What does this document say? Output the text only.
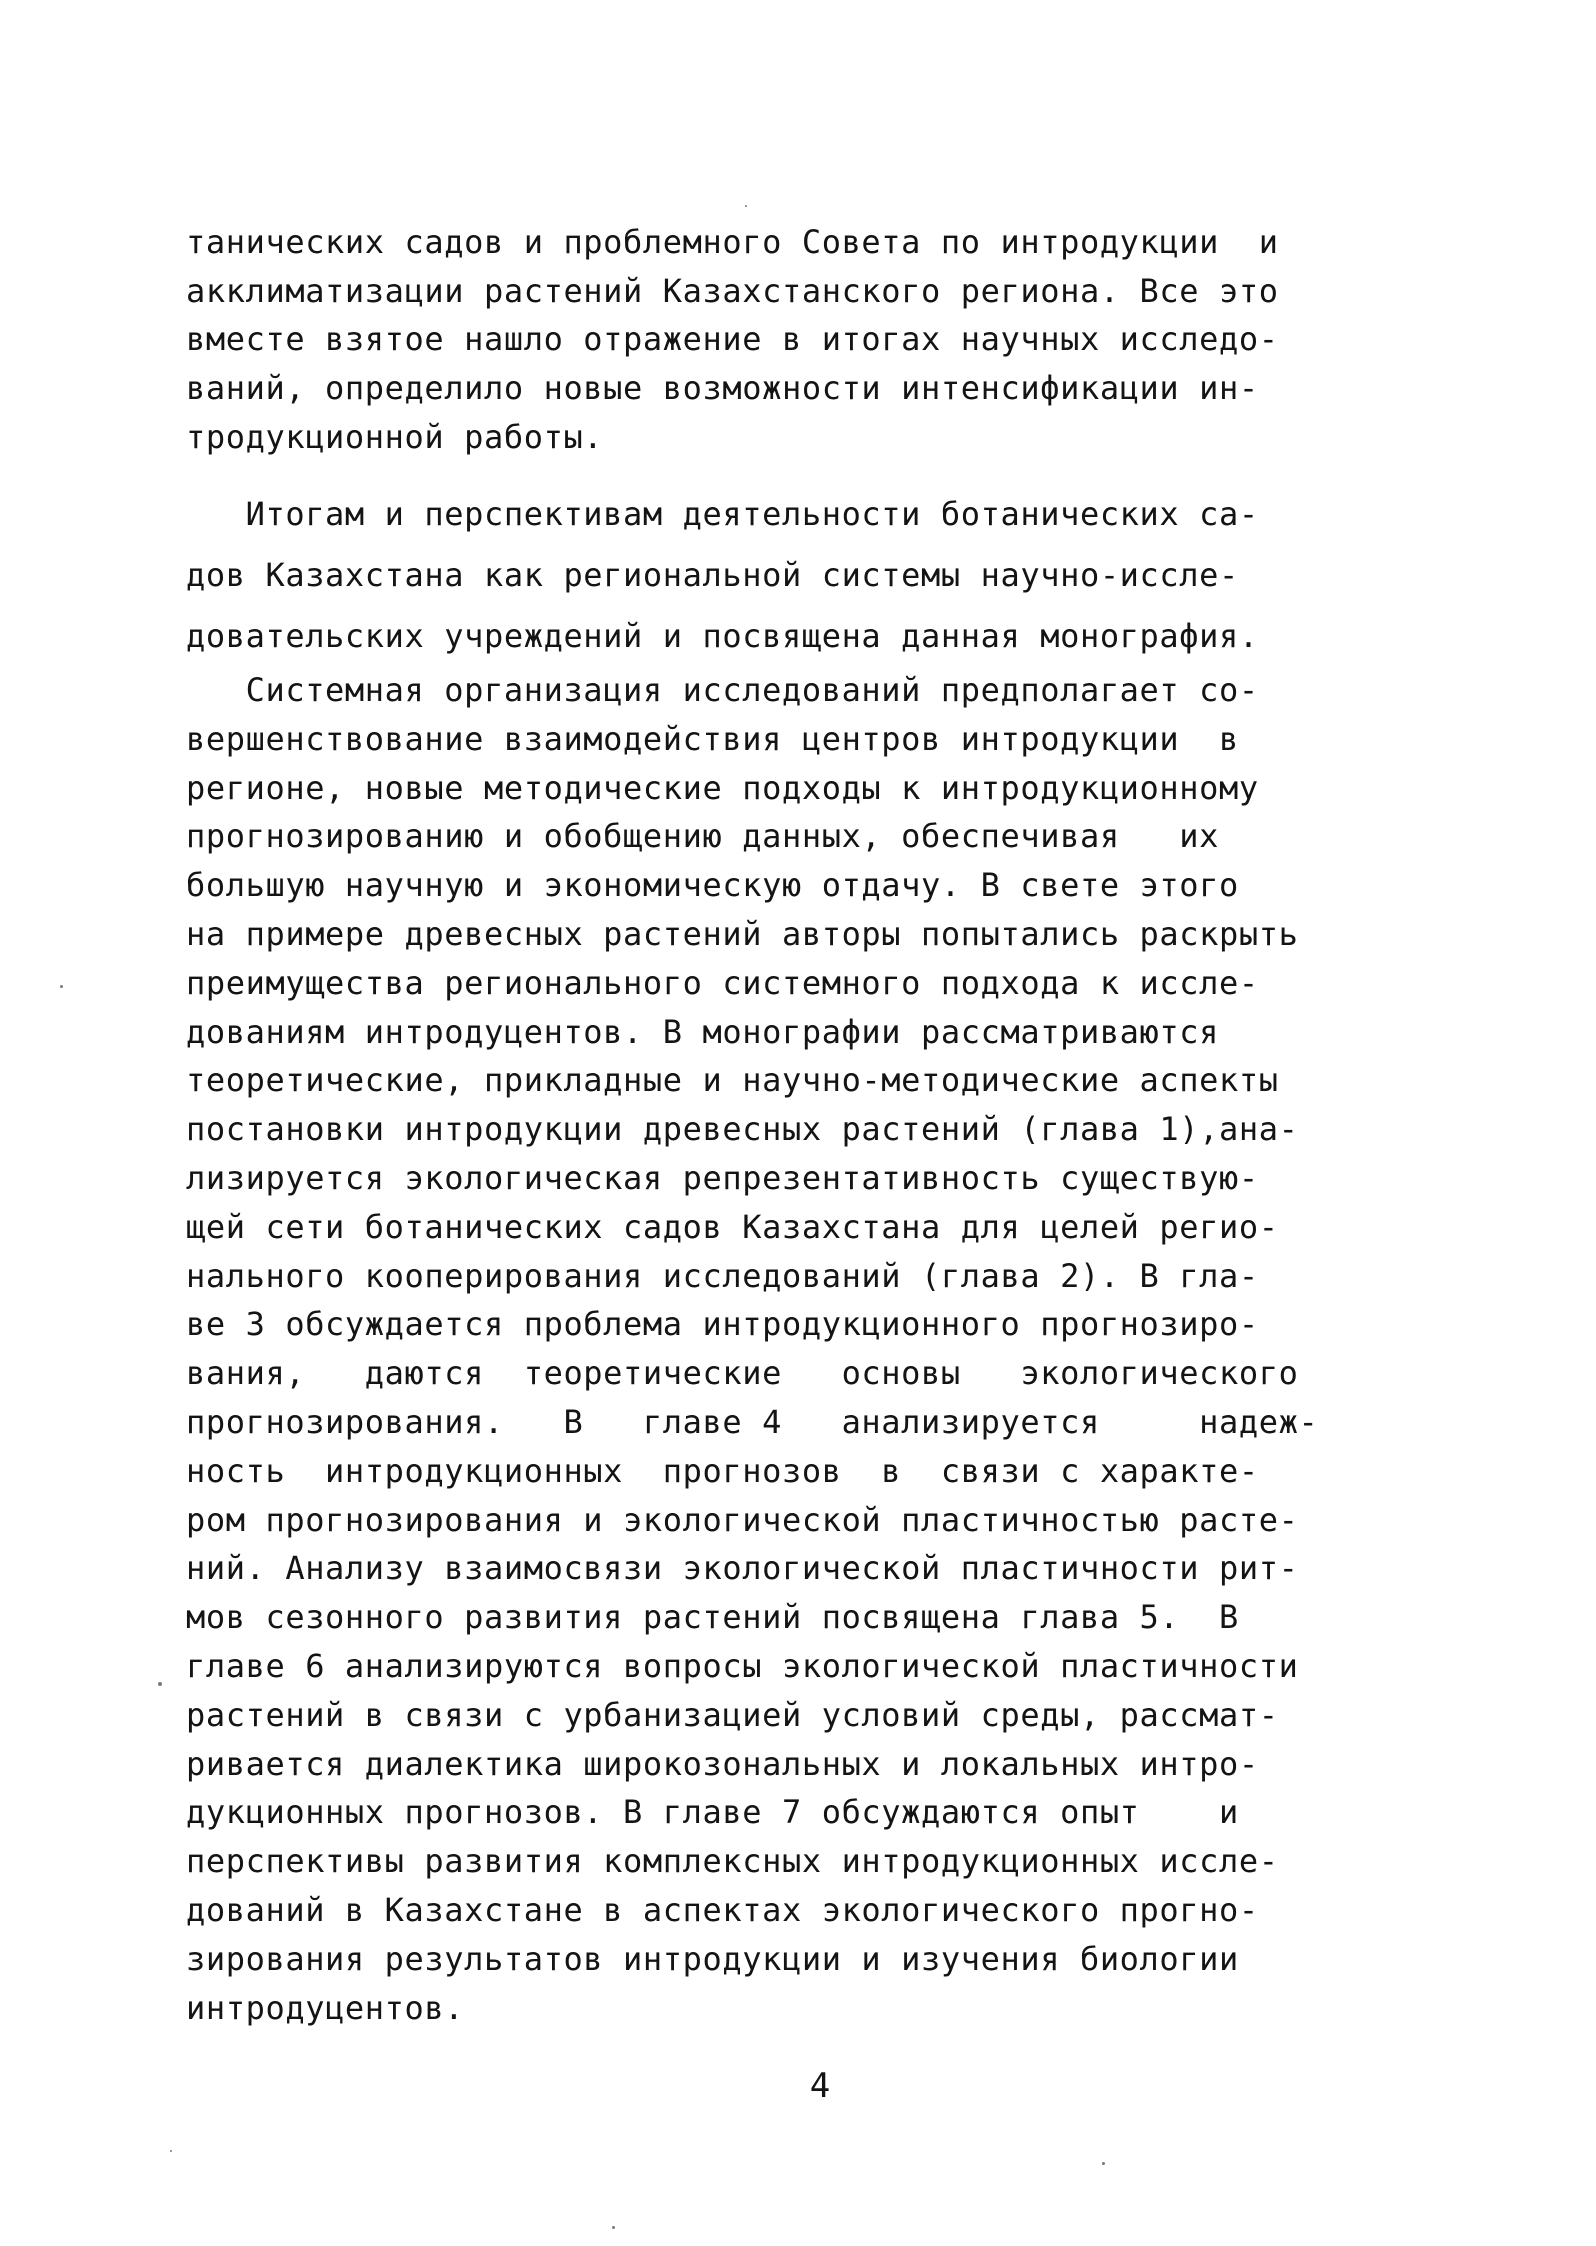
танических садов и проблемного Совета по интродукции  и
акклиматизации растений Казахстанского региона. Все это
вместе взятое нашло отражение в итогах научных исследо-
ваний, определило новые возможности интенсификации ин-
тродукционной работы.
Итогам и перспективам деятельности ботанических са-
дов Казахстана как региональной системы научно-иссле-
довательских учреждений и посвящена данная монография.
Системная организация исследований предполагает со-
вершенствование взаимодействия центров интродукции  в
регионе, новые методические подходы к интродукционному
прогнозированию и обобщению данных, обеспечивая   их
большую научную и экономическую отдачу. В свете этого
на примере древесных растений авторы попытались раскрыть
преимущества регионального системного подхода к иссле-
дованиям интродуцентов. В монографии рассматриваются
теоретические, прикладные и научно-методические аспекты
постановки интродукции древесных растений (глава 1),ана-
лизируется экологическая репрезентативность существую-
щей сети ботанических садов Казахстана для целей регио-
нального кооперирования исследований (глава 2). В гла-
ве 3 обсуждается проблема интродукционного прогнозиро-
вания,   даются  теоретические   основы   экологического
прогнозирования.   В   главе 4   анализируется     надеж-
ность  интродукционных  прогнозов  в  связи с характе-
ром прогнозирования и экологической пластичностью расте-
ний. Анализу взаимосвязи экологической пластичности рит-
мов сезонного развития растений посвящена глава 5.  В
главе 6 анализируются вопросы экологической пластичности
растений в связи с урбанизацией условий среды, рассмат-
ривается диалектика широкозональных и локальных интро-
дукционных прогнозов. В главе 7 обсуждаются опыт    и
перспективы развития комплексных интродукционных иссле-
дований в Казахстане в аспектах экологического прогно-
зирования результатов интродукции и изучения биологии
интродуцентов.
4
